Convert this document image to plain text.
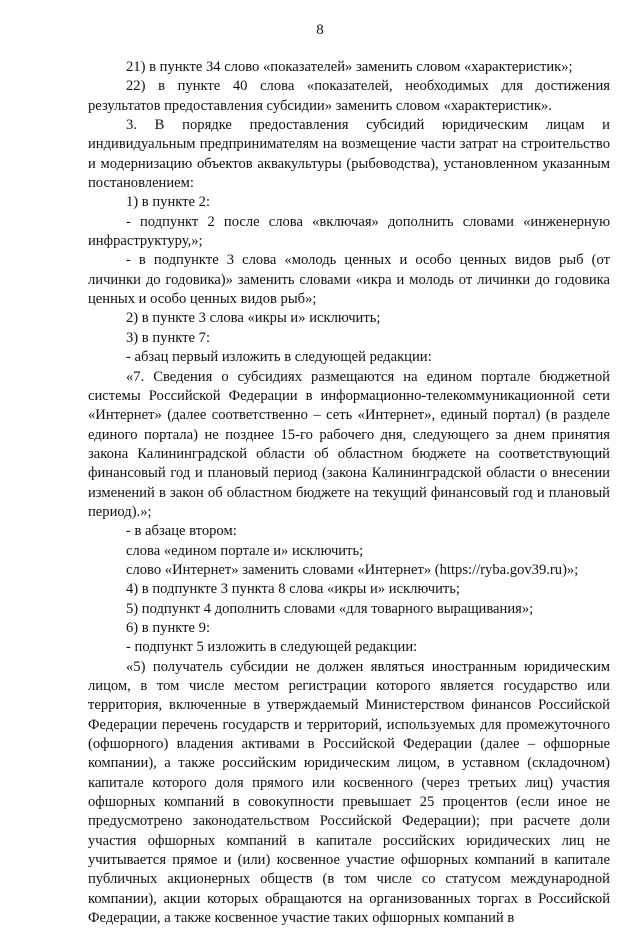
8

21) в пункте 34 слово «показателей» заменить словом «характеристик»;

22) в пункте 40 слова «показателей, необходимых для достижения результатов предоставления субсидии» заменить словом «характеристик».

3. В порядке предоставления субсидий юридическим лицам и индивидуальным предпринимателям на возмещение части затрат на строительство и модернизацию объектов аквакультуры (рыбоводства), установленном указанным постановлением:

1) в пункте 2:

- подпункт 2 после слова «включая» дополнить словами «инженерную инфраструктуру,»;

- в подпункте 3 слова «молодь ценных и особо ценных видов рыб (от личинки до годовика)» заменить словами «икра и молодь от личинки до годовика ценных и особо ценных видов рыб»;

2) в пункте 3 слова «икры и» исключить;

3) в пункте 7:

- абзац первый изложить в следующей редакции:

«7. Сведения о субсидиях размещаются на едином портале бюджетной системы Российской Федерации в информационно-телекоммуникационной сети «Интернет» (далее соответственно – сеть «Интернет», единый портал) (в разделе единого портала) не позднее 15-го рабочего дня, следующего за днем принятия закона Калининградской области об областном бюджете на соответствующий финансовый год и плановый период (закона Калининградской области о внесении изменений в закон об областном бюджете на текущий финансовый год и плановый период).»;

- в абзаце втором:

слова «едином портале и» исключить;

слово «Интернет» заменить словами «Интернет» (https://ryba.gov39.ru)»;

4) в подпункте 3 пункта 8 слова «икры и» исключить;

5) подпункт 4 дополнить словами «для товарного выращивания»;

6) в пункте 9:

- подпункт 5 изложить в следующей редакции:

«5) получатель субсидии не должен являться иностранным юридическим лицом, в том числе местом регистрации которого является государство или территория, включенные в утверждаемый Министерством финансов Российской Федерации перечень государств и территорий, используемых для промежуточного (офшорного) владения активами в Российской Федерации (далее – офшорные компании), а также российским юридическим лицом, в уставном (складочном) капитале которого доля прямого или косвенного (через третьих лиц) участия офшорных компаний в совокупности превышает 25 процентов (если иное не предусмотрено законодательством Российской Федерации); при расчете доли участия офшорных компаний в капитале российских юридических лиц не учитывается прямое и (или) косвенное участие офшорных компаний в капитале публичных акционерных обществ (в том числе со статусом международной компании), акции которых обращаются на организованных торгах в Российской Федерации, а также косвенное участие таких офшорных компаний в
